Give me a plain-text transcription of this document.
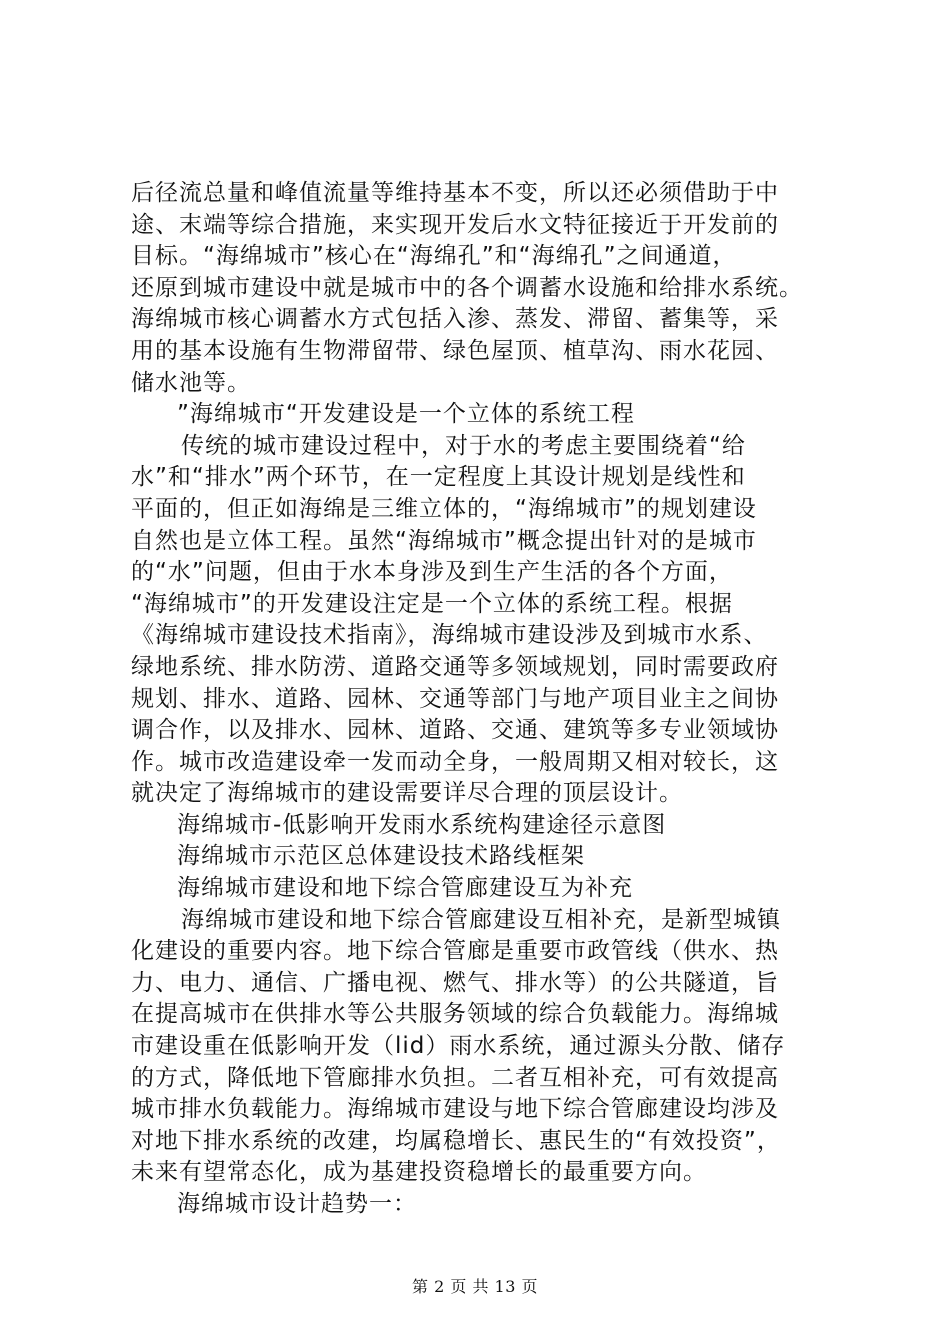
后径流总量和峰值流量等维持基本不变，所以还必须借助于中
途、末端等综合措施，来实现开发后水文特征接近于开发前的
目标。“海绵城市”核心在“海绵孔”和“海绵孔”之间通道，
还原到城市建设中就是城市中的各个调蓄水设施和给排水系统。
海绵城市核心调蓄水方式包括入渗、蒸发、滞留、蓄集等，采
用的基本设施有生物滞留带、绿色屋顶、植草沟、雨水花园、
储水池等。
”海绵城市“开发建设是一个立体的系统工程
传统的城市建设过程中，对于水的考虑主要围绕着“给
水”和“排水”两个环节，在一定程度上其设计规划是线性和
平面的，但正如海绵是三维立体的，“海绵城市”的规划建设
自然也是立体工程。虽然“海绵城市”概念提出针对的是城市
的“水”问题，但由于水本身涉及到生产生活的各个方面，
“海绵城市”的开发建设注定是一个立体的系统工程。根据
《海绵城市建设技术指南》，海绵城市建设涉及到城市水系、
绿地系统、排水防涝、道路交通等多领域规划，同时需要政府
规划、排水、道路、园林、交通等部门与地产项目业主之间协
调合作，以及排水、园林、道路、交通、建筑等多专业领域协
作。城市改造建设牵一发而动全身，一般周期又相对较长，这
就决定了海绵城市的建设需要详尽合理的顶层设计。
海绵城市-低影响开发雨水系统构建途径示意图
海绵城市示范区总体建设技术路线框架
海绵城市建设和地下综合管廊建设互为补充
海绵城市建设和地下综合管廊建设互相补充，是新型城镇
化建设的重要内容。地下综合管廊是重要市政管线（供水、热
力、电力、通信、广播电视、燃气、排水等）的公共隧道，旨
在提高城市在供排水等公共服务领域的综合负载能力。海绵城
市建设重在低影响开发（lid）雨水系统，通过源头分散、储存
的方式，降低地下管廊排水负担。二者互相补充，可有效提高
城市排水负载能力。海绵城市建设与地下综合管廊建设均涉及
对地下排水系统的改建，均属稳增长、惠民生的“有效投资”，
未来有望常态化，成为基建投资稳增长的最重要方向。
海绵城市设计趋势一：
第 2 页 共 13 页
